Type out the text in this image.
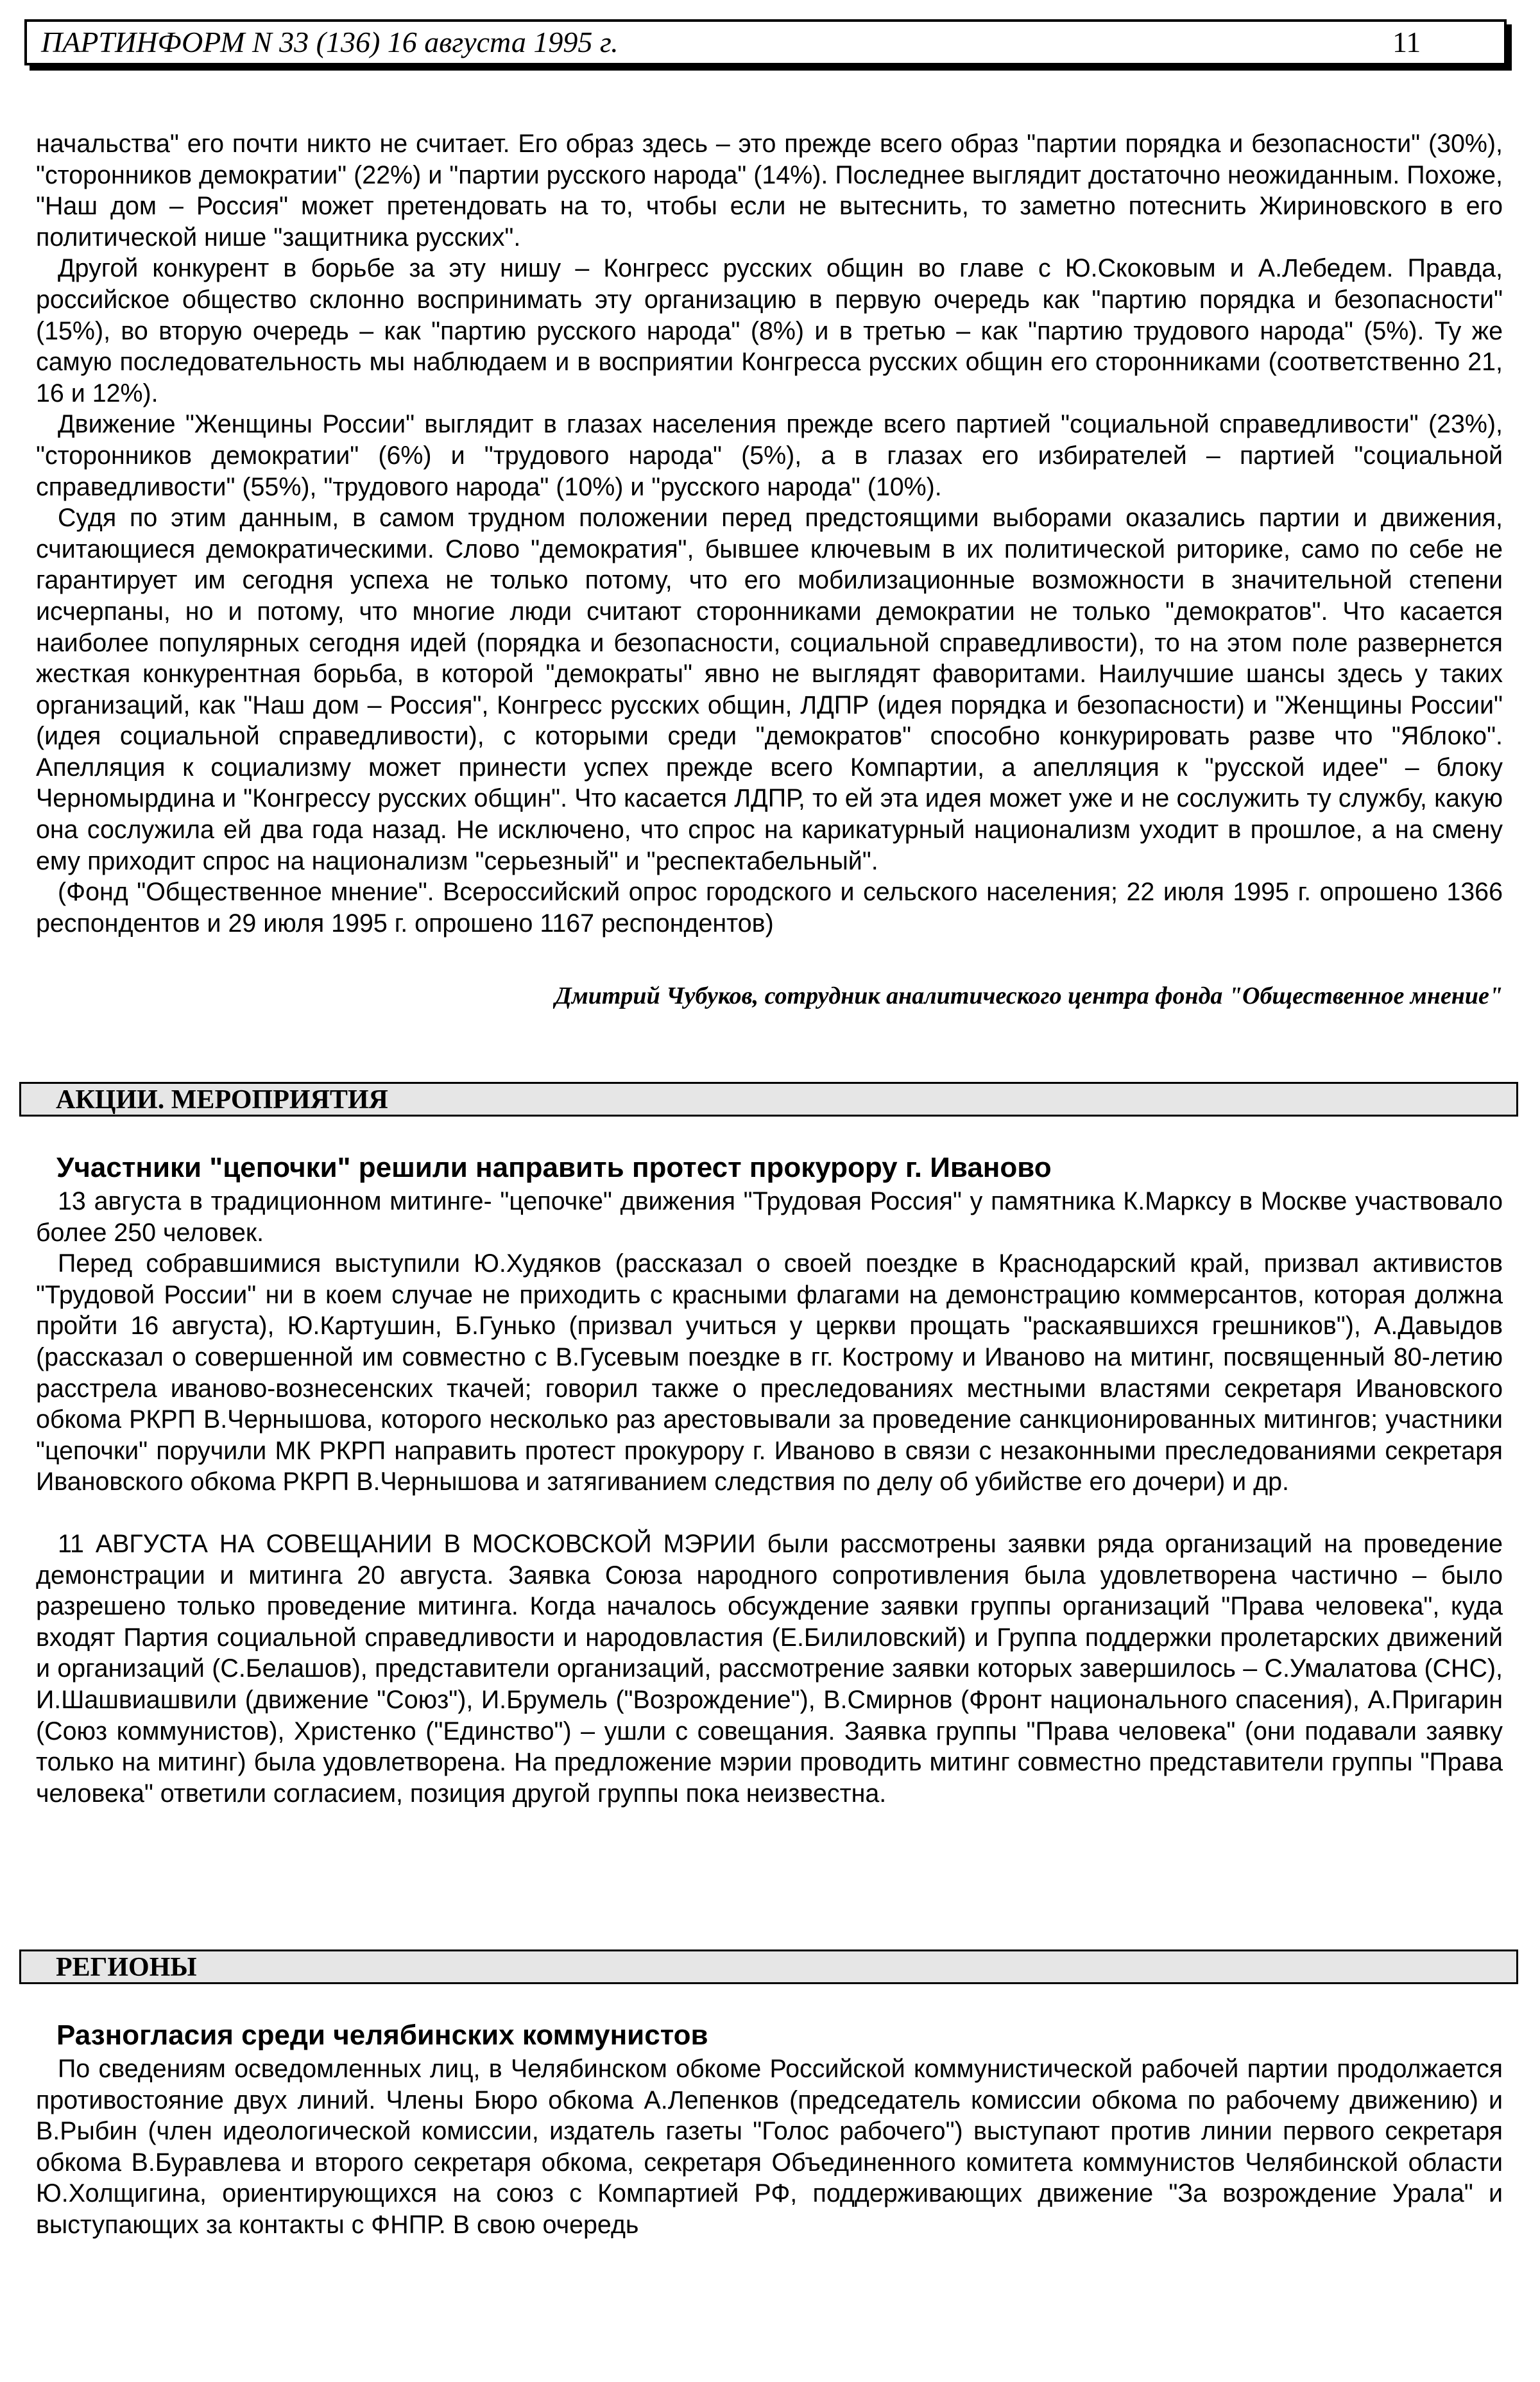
ПАРТИНФОРМ N 33 (136) 16 августа 1995 г.	11

начальства" его почти никто не считает. Его образ здесь – это прежде всего образ "партии порядка и безопасности" (30%), "сторонников демократии" (22%) и "партии русского народа" (14%). Последнее выглядит достаточно неожиданным. Похоже, "Наш дом – Россия" может претендовать на то, чтобы если не вытеснить, то заметно потеснить Жириновского в его политической нише "защитника русских".

Другой конкурент в борьбе за эту нишу – Конгресс русских общин во главе с Ю.Скоковым и А.Лебедем. Правда, российское общество склонно воспринимать эту организацию в первую очередь как "партию порядка и безопасности" (15%), во вторую очередь – как "партию русского народа" (8%) и в третью – как "партию трудового народа" (5%). Ту же самую последовательность мы наблюдаем и в восприятии Конгресса русских общин его сторонниками (соответственно 21, 16 и 12%).

Движение "Женщины России" выглядит в глазах населения прежде всего партией "социальной справедливости" (23%), "сторонников демократии" (6%) и "трудового народа" (5%), а в глазах его избирателей – партией "социальной справедливости" (55%), "трудового народа" (10%) и "русского народа" (10%).

Судя по этим данным, в самом трудном положении перед предстоящими выборами оказались партии и движения, считающиеся демократическими. Слово "демократия", бывшее ключевым в их политической риторике, само по себе не гарантирует им сегодня успеха не только потому, что его мобилизационные возможности в значительной степени исчерпаны, но и потому, что многие люди считают сторонниками демократии не только "демократов". Что касается наиболее популярных сегодня идей (порядка и безопасности, социальной справедливости), то на этом поле развернется жесткая конкурентная борьба, в которой "демократы" явно не выглядят фаворитами. Наилучшие шансы здесь у таких организаций, как "Наш дом – Россия", Конгресс русских общин, ЛДПР (идея порядка и безопасности) и "Женщины России" (идея социальной справедливости), с которыми среди "демократов" способно конкурировать разве что "Яблоко". Апелляция к социализму может принести успех прежде всего Компартии, а апелляция к "русской идее" – блоку Черномырдина и "Конгрессу русских общин". Что касается ЛДПР, то ей эта идея может уже и не сослужить ту службу, какую она сослужила ей два года назад. Не исключено, что спрос на карикатурный национализм уходит в прошлое, а на смену ему приходит спрос на национализм "серьезный" и "респектабельный".

(Фонд "Общественное мнение". Всероссийский опрос городского и сельского населения; 22 июля 1995 г. опрошено 1366 респондентов и 29 июля 1995 г. опрошено 1167 респондентов)

Дмитрий Чубуков, сотрудник аналитического центра фонда "Общественное мнение"
АКЦИИ. МЕРОПРИЯТИЯ
Участники "цепочки" решили направить протест прокурору г. Иваново

13 августа в традиционном митинге- "цепочке" движения "Трудовая Россия" у памятника К.Марксу в Москве участвовало более 250 человек.

Перед собравшимися выступили Ю.Худяков (рассказал о своей поездке в Краснодарский край, призвал активистов "Трудовой России" ни в коем случае не приходить с красными флагами на демонстрацию коммерсантов, которая должна пройти 16 августа), Ю.Картушин, Б.Гунько (призвал учиться у церкви прощать "раскаявшихся грешников"), А.Давыдов (рассказал о совершенной им совместно с В.Гусевым поездке в гг. Кострому и Иваново на митинг, посвященный 80-летию расстрела иваново-вознесенских ткачей; говорил также о преследованиях местными властями секретаря Ивановского обкома РКРП В.Чернышова, которого несколько раз арестовывали за проведение санкционированных митингов; участники "цепочки" поручили МК РКРП направить протест прокурору г. Иваново в связи с незаконными преследованиями секретаря Ивановского обкома РКРП В.Чернышова и затягиванием следствия по делу об убийстве его дочери) и др.

11 АВГУСТА НА СОВЕЩАНИИ В МОСКОВСКОЙ МЭРИИ были рассмотрены заявки ряда организаций на проведение демонстрации и митинга 20 августа. Заявка Союза народного сопротивления была удовлетворена частично – было разрешено только проведение митинга. Когда началось обсуждение заявки группы организаций "Права человека", куда входят Партия социальной справедливости и народовластия (Е.Билиловский) и Группа поддержки пролетарских движений и организаций (С.Белашов), представители организаций, рассмотрение заявки которых завершилось – С.Умалатова (СНС), И.Шашвиашвили (движение "Союз"), И.Брумель ("Возрождение"), В.Смирнов (Фронт национального спасения), А.Пригарин (Союз коммунистов), Христенко ("Единство") – ушли с совещания. Заявка группы "Права человека" (они подавали заявку только на митинг) была удовлетворена. На предложение мэрии проводить митинг совместно представители группы "Права человека" ответили согласием, позиция другой группы пока неизвестна.

РЕГИОНЫ
Разногласия среди челябинских коммунистов

По сведениям осведомленных лиц, в Челябинском обкоме Российской коммунистической рабочей партии продолжается противостояние двух линий. Члены Бюро обкома А.Лепенков (председатель комиссии обкома по рабочему движению) и В.Рыбин (член идеологической комиссии, издатель газеты "Голос рабочего") выступают против линии первого секретаря обкома В.Буравлева и второго секретаря обкома, секретаря Объединенного комитета коммунистов Челябинской области Ю.Холщигина, ориентирующихся на союз с Компартией РФ, поддерживающих движение "За возрождение Урала" и выступающих за контакты с ФНПР. В свою очередь
